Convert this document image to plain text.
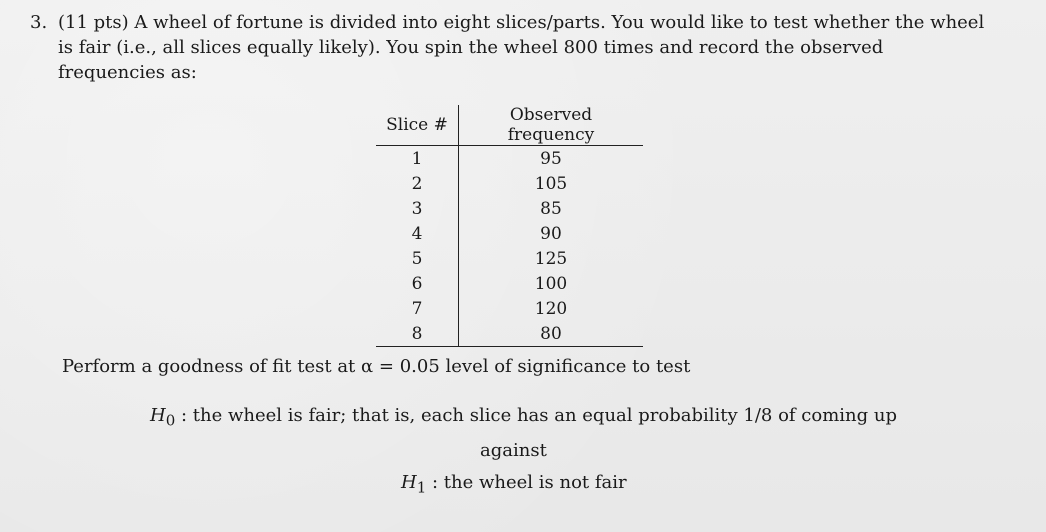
3. (11 pts) A wheel of fortune is divided into eight slices/parts. You would like to test whether the wheel is fair (i.e., all slices equally likely). You spin the wheel 800 times and record the observed frequencies as:
Slice #	Observed frequency
1	95
2	105
3	85
4	90
5	125
6	100
7	120
8	80
Perform a goodness of fit test at α = 0.05 level of significance to test
$H_0$ : the wheel is fair; that is, each slice has an equal probability 1/8 of coming up
against
$H_1$ : the wheel is not fair
